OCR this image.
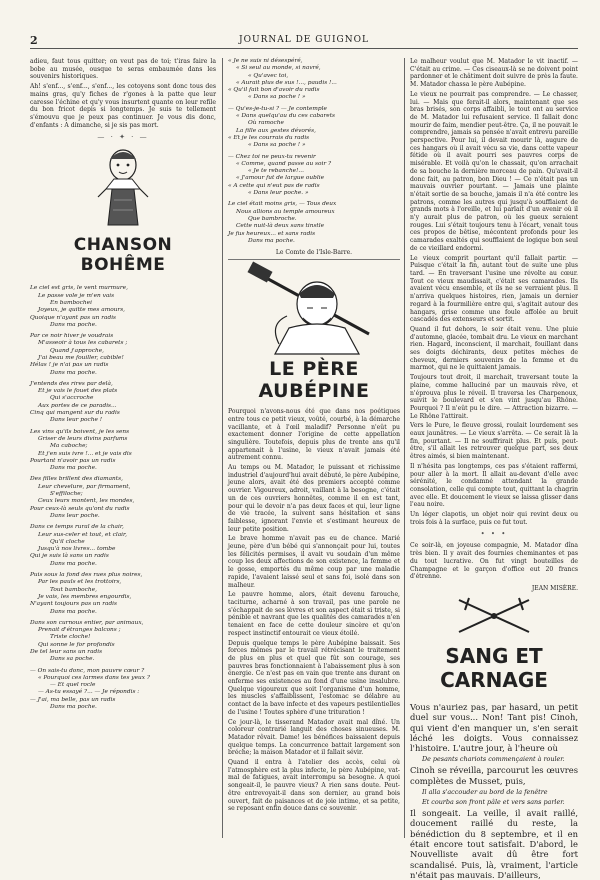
2	JOURNAL DE GUIGNOL

adieu, faut tous quitter; on veut pas de toi; t'iras faire la bobe au musée, ousque te seras embaumée dans les souvenirs historiques.

Ah! s'enf..., s'enf..., s'enf..., les cotoyens sont donc tous des mains gras, qu'y fiches de r'gones à la patte que leur caresse l'échine et qu'y vous insurtent quante on leur refile du bon fricot depis si longtemps. Je suis te tellement s'émouvu que je peux pas continuer. Je vous dis donc, d'enfants : A dimanche, si je sis pas mort.

— · ✦ · —
CHANSON BOHÊME

Le ciel est gris, le vent murmure,

Le passe vole je m'en vais

En bambochei

Joyeux, je quitte mes amours,

Quoique n'ayant pas un radis

Dans ma poche.

Par ce noir hiver je voudrais

M'asseoir à tous les cabarets ;

Quand j'approche,

J'ai beau me fouiller, cabible!

Hélas ! je n'ai pas un radis

Dans ma poche.

J'entends des rires par delà,

Et je vais le fouet des plats

Qui s'accroche

Aux portes de ce paradis...

Cinq qui mangent sur du radis

Dans leur poche !

Les vins qu'ils boivent, je les sens

Griser de leurs divins parfums

Ma caboche;

Et j'en suis ivre !... et je vais dis

Pourtant n'avoir pas un radis

Dans ma poche.

Des filles brillent des diamants,

Leur chevelure, par firmament,

S'effiloche;

Ceux leurs montent, les mondes,

Pour ceux-là seuls qu'ont du radis

Dans leur poche.

Dans ce temps rural de la chair,

Leur sus-celer et tout, et clair,

Qu'il cloche

Jusqu'à nos livres... tombe

Qui je suis là sans un radis

Dans ma poche.

Puis sous la fond des rues plus noires,

Par les pauls et les trottoirs,

Tout bamboche,

Je vais, les membres engourdis,

N'ayant toujours pas un radis

Dans ma poche.

Dans son curnous entier, par animaux,

Prenait d'étranges balcons ;

Triste cloche!

Qui sonne le for profondis

De tel leur sans un radis

Dans sa poche.

— On sais-tu donc, mon pauvre cœur ?

« Pourquoi ces larmes dans tes yeux ?

— Et quel rocle

— As-tu essayé ?... — Je répondis :

— J'ai, ma belle, pas un radis

Dans ma poche.

« Je ne suis ni désespéré,

« Si seul au monde, si navré,

« Qu'avec toi,

« Aurait plus de sus !..., paudis !...

« Qu'il fait bon d'avoir du radis

« Dans sa poche ! »

— Qu'es-je-tu-si ? — Je contemple

« Dans quelqu'au du ces cabarets

Où ramoche

La fille aux gestes dévorés,

« Et je les courrais du radis

« Dans sa poche ! »

— Chez toi ne peux-tu revenir

« Comme, quand passe au soir ?

« Je te rebanche!...

« J'amour fut de largue oublie

« A cette qui n'eut pas de radis

« Dans leur poche. »

Le ciel était moins gris, — Tous deux

Nous allions au temple amoureux

Que bambroche.

Cette nuit-là deux sans tinstle

Je fus heureux... et sans radis

Dans ma poche.

Le Comte de l'Isle-Barre.

LE PÈRE AUBÉPINE

Pourquoi n'avons-nous été que dans nos poétiques entre tous ce petit vieux, voûté, courbé, à la démarche vacillante, et à l'œil maladif? Personne n'eût pu exactement donner l'origine de cette appellation singulière. Toutefois, depuis plus de trente ans qu'il appartenait à l'usine, le vieux n'avait jamais été autrement connu.

Au temps ou M. Matador, le puissant et richissime industriel d'aujourd'hui avait débuté, le père Aubépine, jeune alors, avait été des premiers accepté comme ouvrier. Vigoureux, adroit, vaillant à la besogne, c'était un de ces ouvriers honnêtes, comme il en est tant, pour qui le devoir n'a pas deux faces et qui, leur ligne de vie tracée, la suivent sans hésitation et sans faiblesse, ignorant l'envie et s'estimant heureux de leur petite position.

Le brave homme n'avait pas eu de chance. Marié jeune, père d'un bébé qui s'annonçait pour lui, toutes les félicités permises, il avait vu soudain d'un même coup les deux affections de son existence, la femme et le gosse, emportés du même coup par une maladie rapide, l'avaient laissé seul et sans foi, isolé dans son malheur.

Le pauvre homme, alors, était devenu farouche, taciturne, acharné à son travail, pas une parole ne s'échappait de ses lèvres et son aspect était si triste, si pénible et navrant que les qualités des camarades n'en tenaient en face de cette douleur sincère et qu'on respect instinctif entourait ce vieux étoilé.

Depuis quelque temps le père Aubépine baissait. Ses forces mêmes par le travail rétrécisant le traitement de plus en plus et quel que fût son courage, ses pauvres bras fonctionnaient à l'abaissement plus à son énergie. Ce n'est pas en vain que trente ans durant on enferme ses existences au fond d'une usine insalubre. Quelque vigoureux que soit l'organisme d'un homme, les muscles s'affaiblissent, l'estomac se délabre au contact de la bave infecte et des vapeurs pestilentielles de l'usine ! Toutes sphère d'une trituration !

Ce jour-là, le tisserand Matador avait mal dîné. Un coloreur contrarié languit des choses sinueuses. M. Matador rêvait. Dame! les bénéfices baissaient depuis quelque temps. La concurrence battait largement son bréche; la maison Matador et il fallait sévir.

Quand il entra à l'atelier des accès, celui où l'atmosphère est la plus infecte, le père Aubépine, vat-mal de fatigues, avait interrompu sa besogne. A quoi songeait-il, le pauvre vieux? A rien sans doute. Peut-être entrevoyait-il dans son dernier, au grand bois ouvert, fait de paisances et de joie intime, et sa petite, se reposant enfin douce dans ce souvenir.

Le malheur voulut que M. Matador le vit inactif. — C'était au crime. — Ces ciseaux-là se ne doivent point pardonner et le châtiment doit suivre de près la faute. M. Matador chassa le père Aubépine.

Le vieux ne pourrait pas comprendre. — Le chasser, lui. — Mais que ferait-il alors, maintenant que ses bras brisés, son corps affaibli, le tout ont au service de M. Matador lui refusaient service. Il fallait donc mourir de faim, mendier peut-être. Ça, il ne pouvait le comprendre, jamais sa pensée n'avait entrevu pareille perspective. Pour lui, il devait mourir là, augure de ces hangars où il avait vécu sa vie, dans cette vapeur fétide où il avait pourri ses pauvres corps de misérable. Et voilà qu'on le chassait, qu'on arrachait de sa bouche la dernière morceau de pain. Qu'avait-il donc fait, au patron, bon Dieu ! — Ce n'était pas un mauvais ouvrier pourtant. — Jamais une plainte n'était sortie de sa bouche, jamais il n'a été contre les patrons, comme les autres qui jusqu'à soufflaient de grands mots à l'oreille, et lui parlait d'un avenir où il n'y aurait plus de patron, où les gueux seraient rouges. Lui s'était toujours tenu à l'écart, venait tous ces propos de bêtise, mécontent profonds pour les camarades exaltés qui soufflaient de logique bon seul de ce vieillard endormi.

Le vieux comprit pourtant qu'il fallait partir. — Puisque c'était la fin, autant tout de suite une plus tard. — En traversant l'usine une révolte au cœur. Tout ce vieux maudissait, c'était ses camarades. Ils avaient vécu ensemble, et ils ne se verraient plus. Il n'arriva quelques histoires, rien, jamais un dernier regard à la fourmilière entre qui, s'agitait autour des hangars, grise comme une foule affolée au bruit cascadés des extenseurs et sortit.

Quand il fut dehors, le soir était venu. Une pluie d'automne, glacée, tombait dru. Le vieux en marchant rien. Hagard, inconscient, il marchait, fouillant dans ses doigts déchirants, deux petites mèches de cheveux, derniers souvenirs de la femme et du marmot, qui ne le quittaient jamais.

Toujours tout droit, il marchait, traversant toute la plaine, comme halluciné par un mauvais rêve, et n'éprouva plus le réveil. Il traversa les Charpenoux, suivit le boulevard et s'en vint jusqu'au Rhône. Pourquoi ? Il n'eût pu le dire. — Attraction bizarre. — Le Rhône l'attirait.

Vers le Pure, le fleuve grossi, roulait lourdement ses eaux jaunâtres. — Le vieux s'arrêta. — Ce serait là la fin, pourtant. — Il ne souffrirait plus. Et puis, peut-être, s'il allait les retrouver quelque part, ses deux êtres aimés, si bien maintenant.

Il n'hésita pas longtemps, ces pas s'étaient raffermi, pour aller à la mort. Il allait au-devant d'elle avec sérénité, le condamné attendant la grande consolation, celle qui compte tout, quittant la chagrin avec elle. Et doucement le vieux se laissa glisser dans l'eau noire.

Un léger clapotis, un objet noir qui revint deux ou trois fois à la surface, puis ce fut tout.

• • •

Ce soir-là, en joyeuse compagnie, M. Matador dîna très bien. Il y avait des fournies cheminantes et pas du tout lucrative. On fut vingt bouteilles de Champagne et le garçon d'office eut 20 francs d'étrenne.

JEAN MISÈRE.

SANG ET CARNAGE

Vous n'auriez pas, par hasard, un petit duel sur vous... Non! Tant pis! Cinoh, qui vient d'en manquer un, s'en serait léché les doigts. Vous connaissez l'histoire. L'autre jour, à l'heure où

De pesants chariots commençaient à rouler.

Cinoh se réveilla, parcourut les œuvres complètes de Musset, puis,

Il alla s'accouder au bord de la fenêtre

Et courba son front pâle et vers sans parler.

Il songeait. La veille, il avait raillé, doucement raillé du reste, la bénédiction du 8 septembre, et il en était encore tout satisfait. D'abord, le Nouvelliste avait dû être fort scandalisé. Puis, là, vraiment, l'article n'était pas mauvais. D'ailleurs,
